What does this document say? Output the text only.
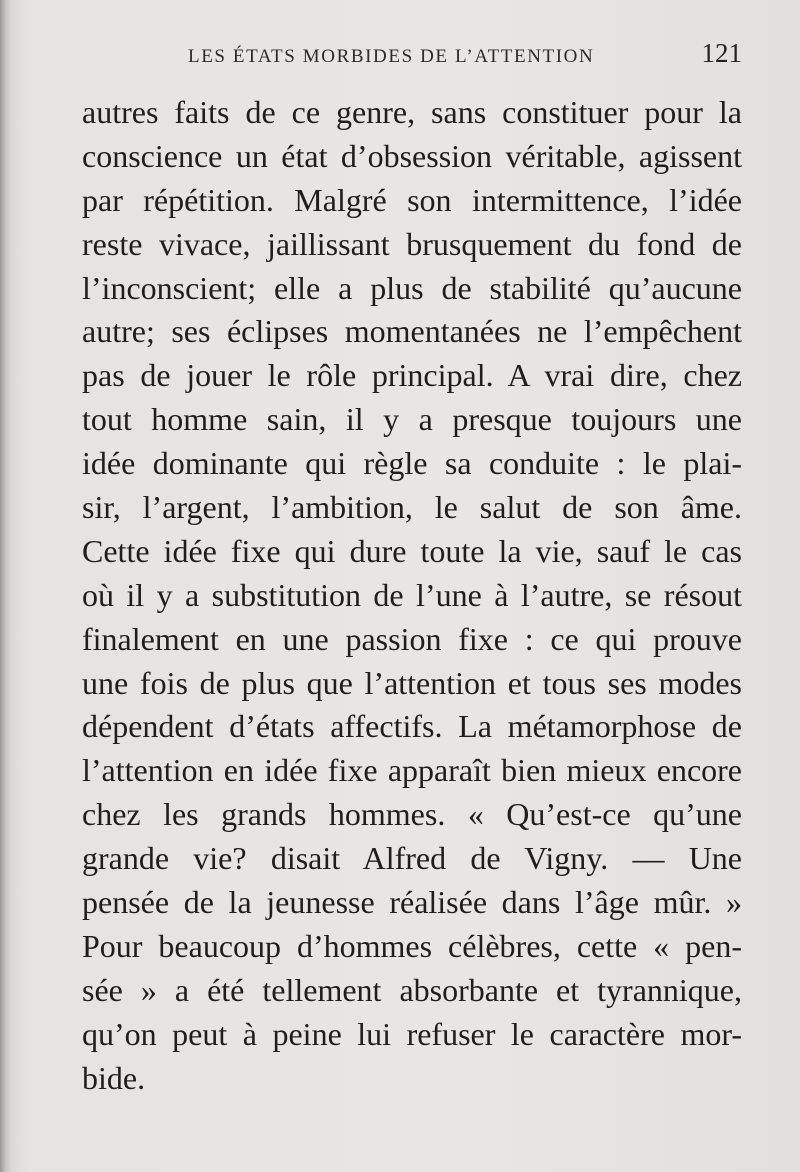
LES ÉTATS MORBIDES DE L’ATTENTION	121
autres faits de ce genre, sans constituer pour la
conscience un état d’obsession véritable, agissent
par répétition. Malgré son intermittence, l’idée
reste vivace, jaillissant brusquement du fond de
l’inconscient; elle a plus de stabilité qu’aucune
autre; ses éclipses momentanées ne l’empêchent
pas de jouer le rôle principal. A vrai dire, chez
tout homme sain, il y a presque toujours une
idée dominante qui règle sa conduite : le plai-
sir, l’argent, l’ambition, le salut de son âme.
Cette idée fixe qui dure toute la vie, sauf le cas
où il y a substitution de l’une à l’autre, se résout
finalement en une passion fixe : ce qui prouve
une fois de plus que l’attention et tous ses modes
dépendent d’états affectifs. La métamorphose de
l’attention en idée fixe apparaît bien mieux encore
chez les grands hommes. « Qu’est-ce qu’une
grande vie? disait Alfred de Vigny. — Une
pensée de la jeunesse réalisée dans l’âge mûr. »
Pour beaucoup d’hommes célèbres, cette « pen-
sée » a été tellement absorbante et tyrannique,
qu’on peut à peine lui refuser le caractère mor-
bide.
